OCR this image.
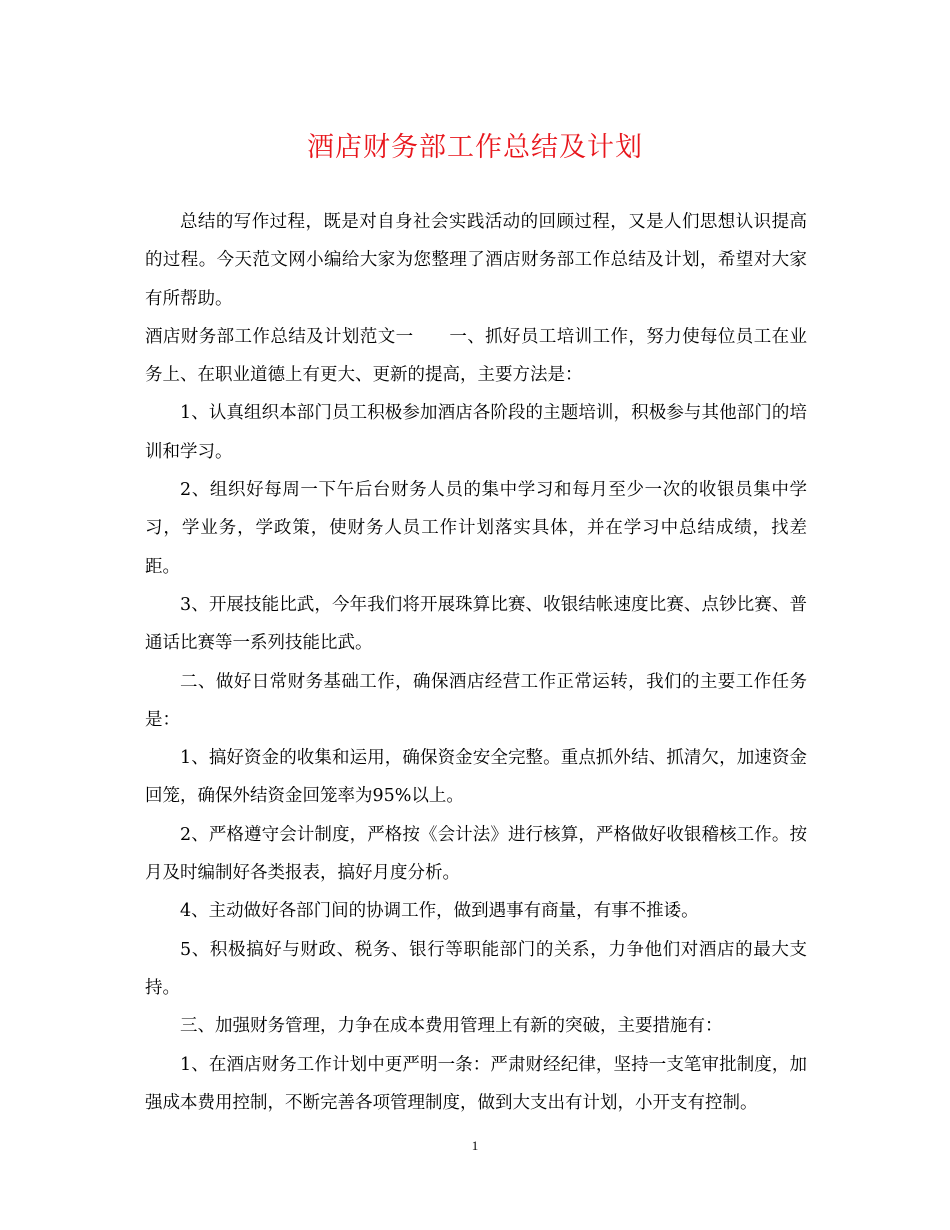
酒店财务部工作总结及计划

总结的写作过程，既是对自身社会实践活动的回顾过程，又是人们思想认识提高的过程。今天范文网小编给大家为您整理了酒店财务部工作总结及计划，希望对大家有所帮助。

酒店财务部工作总结及计划范文一　　一、抓好员工培训工作，努力使每位员工在业务上、在职业道德上有更大、更新的提高，主要方法是：

1、认真组织本部门员工积极参加酒店各阶段的主题培训，积极参与其他部门的培训和学习。

2、组织好每周一下午后台财务人员的集中学习和每月至少一次的收银员集中学习，学业务，学政策，使财务人员工作计划落实具体，并在学习中总结成绩，找差距。

3、开展技能比武，今年我们将开展珠算比赛、收银结帐速度比赛、点钞比赛、普通话比赛等一系列技能比武。

二、做好日常财务基础工作，确保酒店经营工作正常运转，我们的主要工作任务是：

1、搞好资金的收集和运用，确保资金安全完整。重点抓外结、抓清欠，加速资金回笼，确保外结资金回笼率为95%以上。

2、严格遵守会计制度，严格按《会计法》进行核算，严格做好收银稽核工作。按月及时编制好各类报表，搞好月度分析。

4、主动做好各部门间的协调工作，做到遇事有商量，有事不推诿。

5、积极搞好与财政、税务、银行等职能部门的关系，力争他们对酒店的最大支持。

三、加强财务管理，力争在成本费用管理上有新的突破，主要措施有：

1、在酒店财务工作计划中更严明一条：严肃财经纪律，坚持一支笔审批制度，加强成本费用控制，不断完善各项管理制度，做到大支出有计划，小开支有控制。

1
